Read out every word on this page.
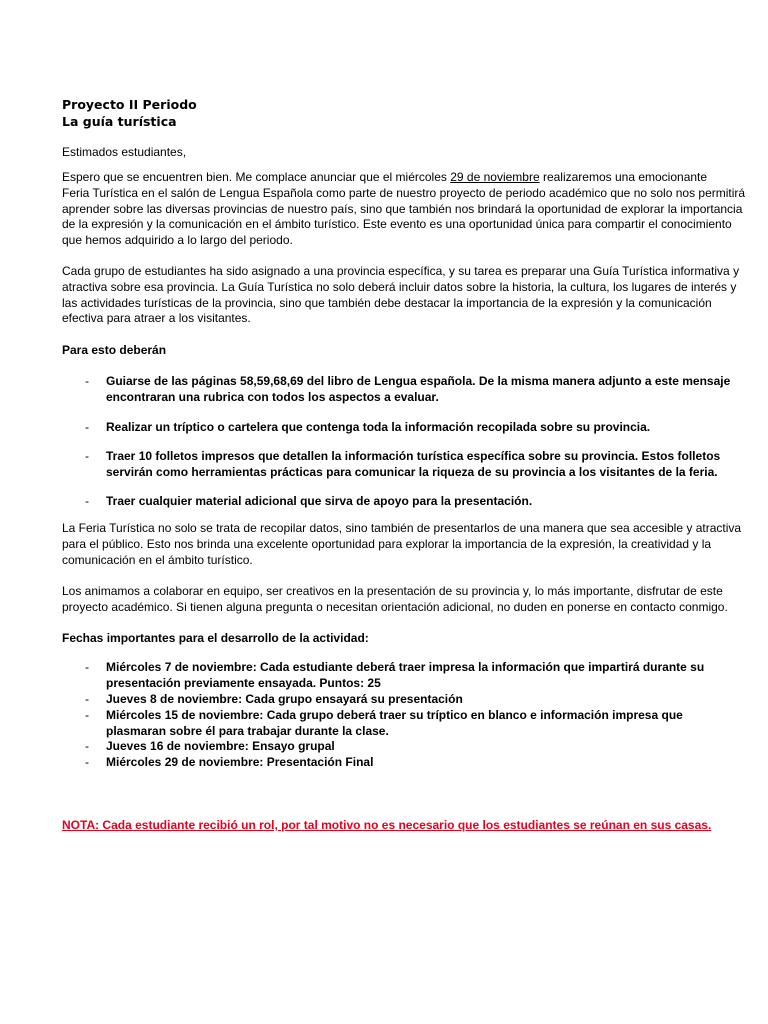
Proyecto II Periodo
La guía turística
Estimados estudiantes,
Espero que se encuentren bien. Me complace anunciar que el miércoles 29 de noviembre realizaremos una emocionante
Feria Turística en el salón de Lengua Española como parte de nuestro proyecto de periodo académico que no solo nos permitirá
aprender sobre las diversas provincias de nuestro país, sino que también nos brindará la oportunidad de explorar la importancia
de la expresión y la comunicación en el ámbito turístico. Este evento es una oportunidad única para compartir el conocimiento
que hemos adquirido a lo largo del periodo.
Cada grupo de estudiantes ha sido asignado a una provincia específica, y su tarea es preparar una Guía Turística informativa y
atractiva sobre esa provincia. La Guía Turística no solo deberá incluir datos sobre la historia, la cultura, los lugares de interés y
las actividades turísticas de la provincia, sino que también debe destacar la importancia de la expresión y la comunicación
efectiva para atraer a los visitantes.
Para esto deberán
- Guiarse de las páginas 58,59,68,69 del libro de Lengua española. De la misma manera adjunto a este mensaje
encontraran una rubrica con todos los aspectos a evaluar.
- Realizar un tríptico o cartelera que contenga toda la información recopilada sobre su provincia.
- Traer 10 folletos impresos que detallen la información turística específica sobre su provincia. Estos folletos
servirán como herramientas prácticas para comunicar la riqueza de su provincia a los visitantes de la feria.
- Traer cualquier material adicional que sirva de apoyo para la presentación.
La Feria Turística no solo se trata de recopilar datos, sino también de presentarlos de una manera que sea accesible y atractiva
para el público. Esto nos brinda una excelente oportunidad para explorar la importancia de la expresión, la creatividad y la
comunicación en el ámbito turístico.
Los animamos a colaborar en equipo, ser creativos en la presentación de su provincia y, lo más importante, disfrutar de este
proyecto académico. Si tienen alguna pregunta o necesitan orientación adicional, no duden en ponerse en contacto conmigo.
Fechas importantes para el desarrollo de la actividad:
- Miércoles 7 de noviembre: Cada estudiante deberá traer impresa la información que impartirá durante su
presentación previamente ensayada. Puntos: 25
- Jueves 8 de noviembre: Cada grupo ensayará su presentación
- Miércoles 15 de noviembre: Cada grupo deberá traer su tríptico en blanco e información impresa que
plasmaran sobre él para trabajar durante la clase.
- Jueves 16 de noviembre: Ensayo grupal
- Miércoles 29 de noviembre: Presentación Final
NOTA: Cada estudiante recibió un rol, por tal motivo no es necesario que los estudiantes se reúnan en sus casas.
